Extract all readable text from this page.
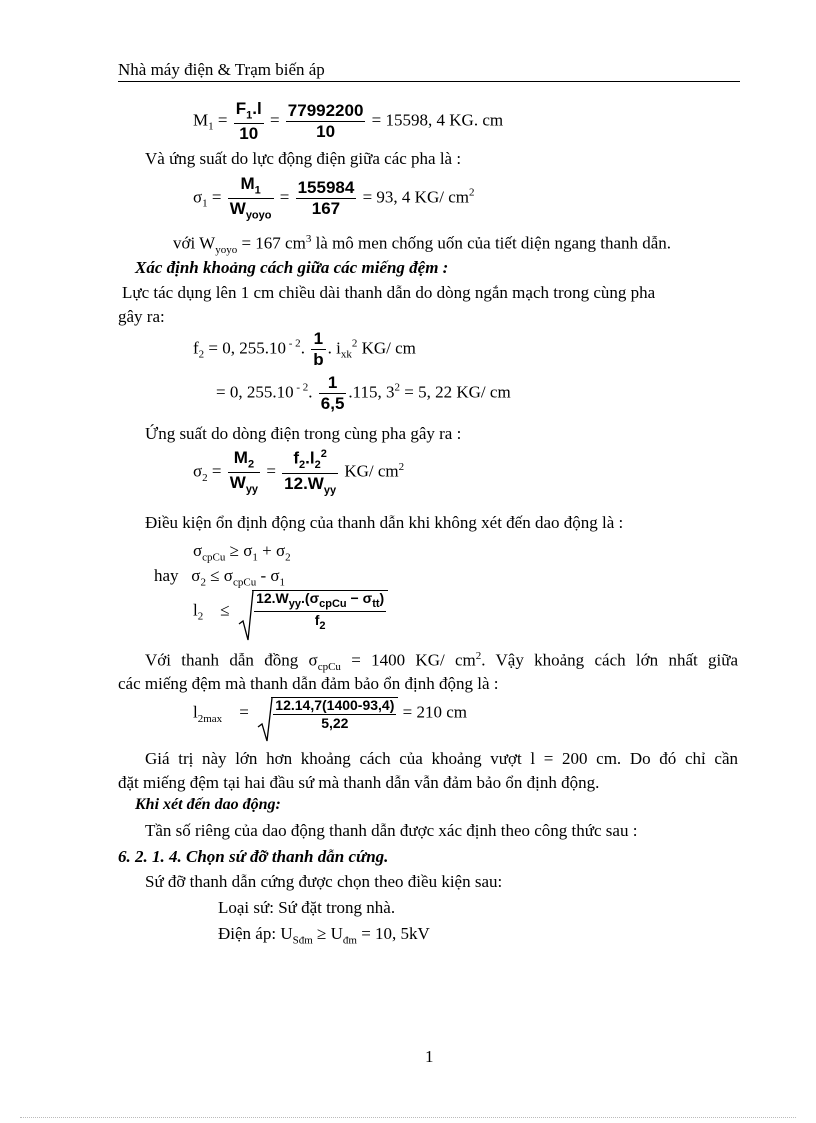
Nhà máy điện & Trạm biến áp
$M_1 = \frac{F_1.l}{10} = \frac{77992200}{10} = 15598$, 4 KG. cm
Và ứng suất do lực động điện giữa các pha là :
$\sigma_1 = \frac{M_1}{W_{yoyo}} = \frac{155984}{167} = 93$, 4 KG/ $cm^2$
với $W_{yoyo} = 167$ $cm^3$ là mô men chống uốn của tiết diện ngang thanh dẫn.
Xác định khoảng cách giữa các miếng đệm :
Lực tác dụng lên 1 cm chiều dài thanh dẫn do dòng ngắn mạch trong cùng pha
gây ra:
$f_2 = 0$, 255.10 $^{- 2}$. $\frac{1}{b}$ . $i_{xk}^2$ KG/ cm
= 0, 255.10 $^{- 2}$. $\frac{1}{6,5} .115$, $3^2 = 5$, 22 KG/ cm
Ứng suất do dòng điện trong cùng pha gây ra :
$\sigma_2 = \frac{M_2}{W_{yy}} = \frac{f_2.l_2^2}{12.W_{yy}} KG/$ $cm^2$
Điều kiện ổn định động của thanh dẫn khi không xét đến dao động là :
$\sigma_{cpCu} \ge \sigma_1 + \sigma_2$
hay $\sigma_2 \le \sigma_{cpCu} - \sigma_1$
$l_2 \le \frac{12.W_{yy}.(\sigma_{cpCu} - \sigma_{tt})}{f_2}$
Với thanh dẫn đồng $\sigma_{cpCu} = 1400$ KG/ $cm^2$. Vậy khoảng cách lớn nhất giữa
các miếng đệm mà thanh dẫn đảm bảo ổn định động là :
$l_{2max} = \frac{12.14,7(1400-93,4)}{5,22} = 210$ cm
Giá trị này lớn hơn khoảng cách của khoảng vượt l = 200 cm. Do đó chỉ cần
đặt miếng đệm tại hai đầu sứ mà thanh dẫn vẫn đảm bảo ổn định động.
Khi xét đến dao động:
Tần số riêng của dao động thanh dẫn được xác định theo công thức sau :
6. 2. 1. 4. Chọn sứ đỡ thanh dẫn cứng.
Sứ đỡ thanh dẫn cứng được chọn theo điều kiện sau:
Loại sứ: Sứ đặt trong nhà.
Điện áp: $U_{Sđm} \ge U_{đm} = 10$, 5kV
1
